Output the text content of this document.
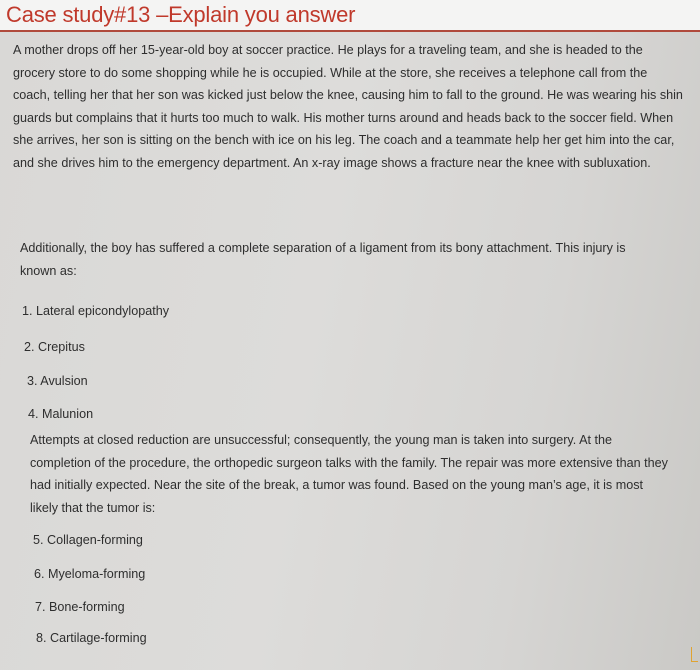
Case study#13 –Explain you answer

A mother drops off her 15-year-old boy at soccer practice. He plays for a traveling team, and she is headed to the grocery store to do some shopping while he is occupied. While at the store, she receives a telephone call from the coach, telling her that her son was kicked just below the knee, causing him to fall to the ground. He was wearing his shin guards but complains that it hurts too much to walk. His mother turns around and heads back to the soccer field. When she arrives, her son is sitting on the bench with ice on his leg. The coach and a teammate help her get him into the car, and she drives him to the emergency department. An x-ray image shows a fracture near the knee with subluxation.

Additionally, the boy has suffered a complete separation of a ligament from its bony attachment. This injury is known as:

1. Lateral epicondylopathy

2. Crepitus

3. Avulsion

4. Malunion

Attempts at closed reduction are unsuccessful; consequently, the young man is taken into surgery. At the completion of the procedure, the orthopedic surgeon talks with the family. The repair was more extensive than they had initially expected. Near the site of the break, a tumor was found. Based on the young man’s age, it is most likely that the tumor is:

5. Collagen-forming

6. Myeloma-forming

7. Bone-forming

8. Cartilage-forming
